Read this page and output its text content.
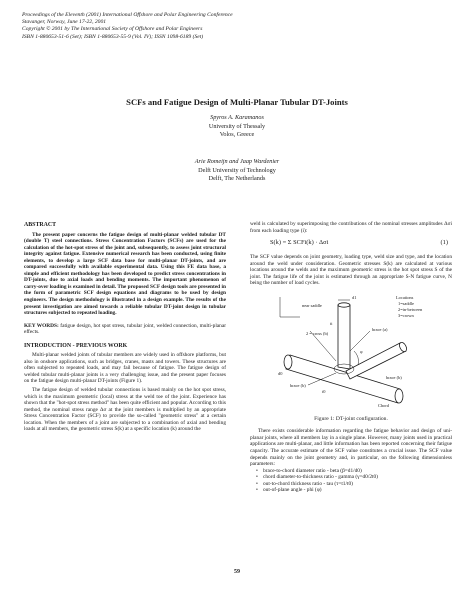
Proceedings of the Eleventh (2001) International Offshore and Polar Engineering Conference
Stavanger, Norway, June 17-22, 2001
Copyright © 2001 by The International Society of Offshore and Polar Engineers
ISBN 1-880653-51-6 (Set); ISBN 1-880653-55-9 (Vol. IV); ISSN 1098-6189 (Set)
SCFs and Fatigue Design of Multi-Planar Tubular DT-Joints
Spyros A. Karamanos
University of Thessaly
Volos, Greece
Arie Romeijn and Jaap Wardenier
Delft University of Technology
Delft, The Netherlands
ABSTRACT

The present paper concerns the fatigue design of multi-planar welded tubular DT (double T) steel connections. Stress Concentration Factors (SCFs) are used for the calculation of the hot-spot stress of the joint and, subsequently, to assess joint structural integrity against fatigue. Extensive numerical research has been conducted, using finite elements, to develop a large SCF data base for multi-planar DT-joints, and are compared successfully with available experimental data. Using this FE data base, a simple and efficient methodology has been developed to predict stress concentrations in DT-joints, due to axial loads and bending moments. The important phenomenon of carry-over loading is examined in detail. The proposed SCF design tools are presented in the form of parametric SCF design equations and diagrams to be used by design engineers. The design methodology is illustrated in a design example. The results of the present investigation are aimed towards a reliable tubular DT-joint design in tubular structures subjected to repeated loading.

KEY WORDS: fatigue design, hot spot stress, tubular joint, welded connection, multi-planar effects.

INTRODUCTION - PREVIOUS WORK

Multi-planar welded joints of tubular members are widely used in offshore platforms, but also in onshore applications, such as bridges, cranes, masts and towers. These structures are often subjected to repeated loads, and may fail because of fatigue. The fatigue design of welded tubular multi-planar joints is a very challenging issue, and the present paper focuses on the fatigue design multi-planar DT-joints (Figure 1).

The fatigue design of welded tubular connections is based mainly on the hot spot stress, which is the maximum geometric (local) stress at the weld toe of the joint. Experience has shown that the "hot-spot stress method" has been quite efficient and popular. According to this method, the nominal stress range Δσ at the joint members is multiplied by an appropriate Stress Concentration Factor (SCF) to provide the so-called "geometric stress" at a certain location. When the members of a joint are subjected to a combination of axial and bending loads at all members, the geometric stress S(k) at a specific location (k) around the

weld is calculated by superimposing the contributions of the nominal stresses amplitudes Δσi from each loading type (i):

S(k) = Σ SCFi(k) · Δσi	(1)

The SCF value depends on joint geometry, loading type, weld size and type, and the location around the weld under consideration. Geometric stresses S(k) are calculated at various locations around the welds and the maximum geometric stress is the hot spot stress S of the joint. The fatigue life of the joint is estimated through an appropriate S-N fatigue curve, N being the number of load cycles.

d1	Locations
1=saddle
2=in-between
3=crown
near saddle
ti
2 = cross (b)
brace (a)
φ
brace (b)
brace (b)
t0
Chord
d0
Figure 1: DT-joint configuration.

There exists considerable information regarding the fatigue behavior and design of uni-planar joints, where all members lay in a single plane. However, many joints used in practical applications are multi-planar, and little information has been reported concerning their fatigue capacity. The accurate estimate of the SCF value constitutes a crucial issue. The SCF value depends mainly on the joint geometry and, in particular, on the following dimensionless parameters:

• brace-to-chord diameter ratio - beta (β=d1/d0)
• chord diameter-to-thickness ratio - gamma (γ=d0/2t0)
• out-to-chord thickness ratio - tau (τ=t1/t0)
• out-of-plane angle - phi (φ)
59
